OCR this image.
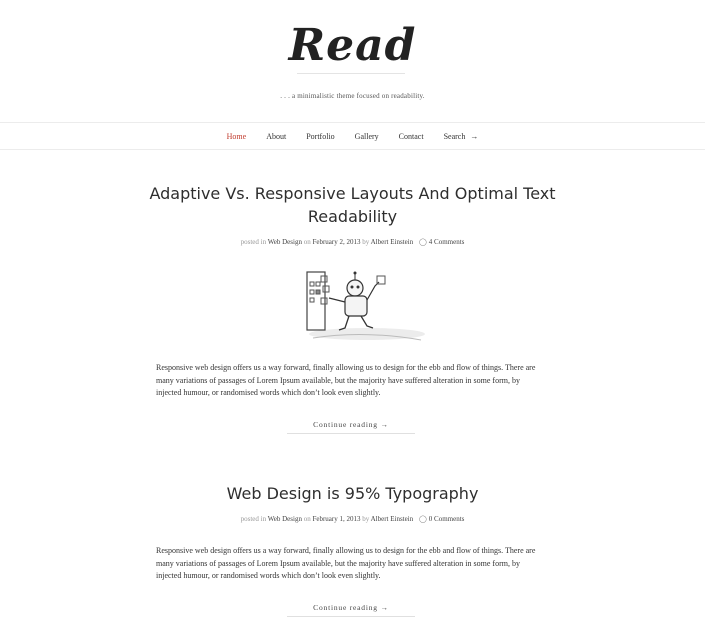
Read
. . . a minimalistic theme focused on readability.
Home	About	Portfolio	Gallery	Contact	Search →
Adaptive Vs. Responsive Layouts And Optimal Text Readability
posted in Web Design on February 2, 2013 by Albert Einstein ◯ 4 Comments
Responsive web design offers us a way forward, finally allowing us to design for the ebb and flow of things. There are many variations of passages of Lorem Ipsum available, but the majority have suffered alteration in some form, by injected humour, or randomised words which don’t look even slightly.
Continue reading →
Web Design is 95% Typography
posted in Web Design on February 1, 2013 by Albert Einstein ◯ 0 Comments
Responsive web design offers us a way forward, finally allowing us to design for the ebb and flow of things. There are many variations of passages of Lorem Ipsum available, but the majority have suffered alteration in some form, by injected humour, or randomised words which don’t look even slightly.
Continue reading →
